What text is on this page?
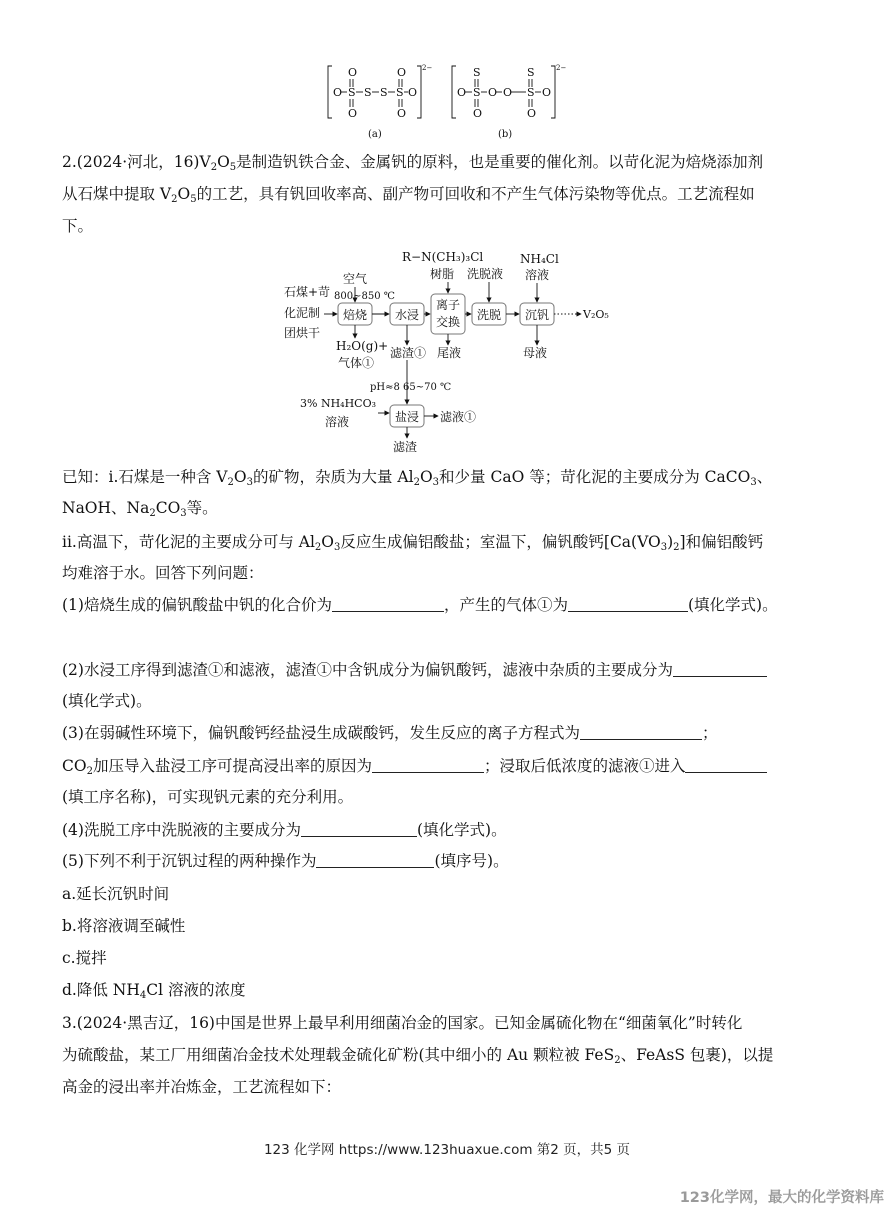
2−
O	O
O S S S S O
O	O
(a)
2−
S	S
O S O O S O
O	O
(b)
2.(2024·河北，$16)V_2O_5$是制造钒铁合金、金属钒的原料，也是重要的催化剂。以苛化泥为焙烧添加剂
从石煤中提取 $V_2O_5$的工艺，具有钒回收率高、副产物可回收和不产生气体污染物等优点。工艺流程如
下。
R−N(CH₃)₃Cl
树脂 洗脱液
NH₄Cl
溶液
空气
800~850 ℃
石煤+苛
化泥制
团烘干
焙烧 水浸
离子
交换 洗脱 沉钒
盐浸
V₂O₅
H₂O(g)+
气体①
滤渣① 尾液	母液
pH≈8 65~70 ℃
3% NH₄HCO₃
溶液	滤液①
滤渣
已知：i.石煤是一种含 $V_2O_3$的矿物，杂质为大量 $Al_2O_3$和少量 CaO 等；苛化泥的主要成分为 CaCO$_3$、
NaOH、$Na_2CO_3$等。
ii.高温下，苛化泥的主要成分可与 $Al_2O_3$反应生成偏铝酸盐；室温下，偏钒酸钙$[Ca(VO_3)_2]$和偏铝酸钙
均难溶于水。回答下列问题：
(1)焙烧生成的偏钒酸盐中钒的化合价为	，产生的气体①为	(填化学式)。
(2)水浸工序得到滤渣①和滤液，滤渣①中含钒成分为偏钒酸钙，滤液中杂质的主要成分为
(填化学式)。
(3)在弱碱性环境下，偏钒酸钙经盐浸生成碳酸钙，发生反应的离子方程式为	；
$CO_2$加压导入盐浸工序可提高浸出率的原因为	；浸取后低浓度的滤液①进入
(填工序名称)，可实现钒元素的充分利用。
(4)洗脱工序中洗脱液的主要成分为	(填化学式)。
(5)下列不利于沉钒过程的两种操作为	(填序号)。
a.延长沉钒时间
b.将溶液调至碱性
c.搅拌
d.降低 $NH_4Cl$ 溶液的浓度
3.(2024·黑吉辽，16)中国是世界上最早利用细菌冶金的国家。已知金属硫化物在“细菌氧化”时转化
为硫酸盐，某工厂用细菌冶金技术处理载金硫化矿粉(其中细小的 Au 颗粒被 FeS$_2$、FeAsS 包裹)，以提
高金的浸出率并冶炼金，工艺流程如下：
123 化学网 https://www.123huaxue.com 第2 页，共5 页
123化学网，最大的化学资料库
